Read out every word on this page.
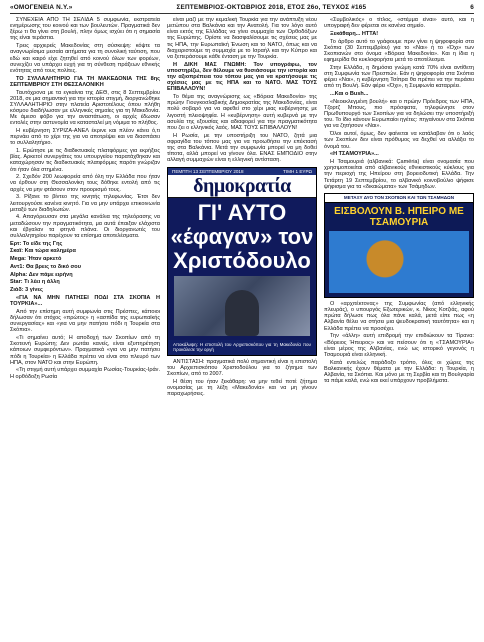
«ΟΜΟΓΕΝΕΙΑ Ν.Υ.»	ΣΕΠΤΕΜΒΡΙΟΣ-ΟΚΤΩΒΡΙΟΣ 2018, ΕΤΟΣ 26ο, ΤΕΥΧΟΣ #165	6

ΣΥΝΕΧΕΙΑ ΑΠΟ ΤΗ ΣΕΛΙΔΑ 5 συμφωνία, εκστρατεία ενημέρωσης του κοινού και των βουλευτών. Πραγματικά δεν ξέρω τι θα γίνει στη βουλή, πλην όμως ισχύει ότι η σημασία της είναι τεράστια.

Τρεις αρχιερείς Μακεδονίας στη σύσκεψη: κόψτε τα αναγνωρίσιμα μεσαία αιτήματα για τη συνολική ταύτιση, που εδώ και καιρό είχε ζητηθεί από κοινού όλων των φορέων, συνεχίζει να υπάρχει ευχή για τη σύνθεση πράξεων εθνικής ενότητας από τους πολίτες.

ΤΟ ΣΥΛΛΑΛΗΤΗΡΙΟ ΓΙΑ ΤΗ ΜΑΚΕΔΟΝΙΑ ΤΗΣ 8ης ΣΕΠΤΕΜΒΡΙΟΥ ΣΤΗ ΘΕΣΣΑΛΟΝΙΚΗ

Ταυτόχρονα με τα εγκαίνια της ΔΕΘ, στις 8 Σεπτεμβρίου 2018, σε μια σημαντική για την ιστορία στιγμή, διοργανώθηκε ΣΥΛΛΑΛΗΤΗΡΙΟ στην πλατεία Αριστοτέλους όπου πλήθη κόσμου διαδήλωσαν με ελληνικές σημαίες για τη Μακεδονία. Με άμεσο φόβο για την αναστάτωση, οι αρχές έδωσαν εντολές στην αστυνομία να κατασταλεί μη νόμιμα το πλήθος.

Η κυβέρνηση ΣΥΡΙΖΑ-ΑΝΕΛ έκρινε και πλέον κάνει ό,τι περνάει από το χέρι της για να αποτρέψει και να διασπάσει το συλλαλητήριο.

1. Ερώτησε με τις διαδικτυακές πλατφόρμες για εκρήξεις βίας. Αρκετοί συνεργάτες του υπουργείου παρατάχθηκαν και καταχώρησαν τις διαδικτυακές πλατφόρμες παρότι γνώριζαν ότι ήταν όλα στημένα.

2. Σχεδόν 200 λεωφορεία από όλη την Ελλάδα που ήταν να έρθουν στη Θεσσαλονίκη τους δόθηκε εντολή από τις αρχές να μην φτάσουν στον προορισμό τους.

3. Ρίξανε το βίντεο της κινητής τηλεφωνίας. Έτσι δεν λειτουργούσε κανένα κινητό. Για να μην υπάρχει επικοινωνία μεταξύ των διαδηλωτών.

4. Απαγόρευσαν στα μεγάλα κανάλια της τηλεόρασης να μεταδώσουν την πραγματικότητα, μα αυτά έπαιξαν ελάχιστα και έβγαλαν τα φτηνά πλάνα. Οι διοργανωτές του συλλαλητηρίου παρέχουν τα επίσημα αποτελέσματα.

Ερτ: Το είδε της Γης

Σκαϊ: Και τώρα καλημέρα

Mega: Ήταν αρκετό

Αντ1: Θα βρεις το δικό σου

Alpha: Δεν πάμε ειρήνη

Star: Τι λέει η άλλη

Ζιάδ: 3 γίνες

«ΓΙΑ ΝΑ ΜΗΝ ΠΑΤΗΣΕΙ ΠΟΔΙ ΣΤΑ ΣΚΟΠΙΑ Η ΤΟΥΡΚΙΑ»...

Από την επίσημη αυτή συμφωνία στις Πρέσπες, κάποιοι δήλωσαν ότι στόχος «πρώτος» η «ασπίδα της ευρωπαϊκής συνεργασίας» και «για να μην πατήσει πόδι η Τουρκία στα Σκόπια».

«Τι σημαίνει αυτό; Η αποδοχή των Σκοπίων από τη Σκοτεινή Ευρώπη; Δεν ρωτάει κανείς, είναι εξυπηρέτηση κάποιων συμφερόντων». Πραγματικά «για να μην πατήσει πόδι η Τουρκία» η Ελλάδα πρέπει να είναι στο πλευρό των ΗΠΑ, στον ΝΑΤΟ και στην Ευρώπη.

«Τη στιγμή αυτή υπάρχει συμμαχία Ρωσίας-Τουρκίας-Ιράν. Η ορθόδοξη Ρωσία

είναι μαζί με την κεμαλική Τουρκία για την ανάπτυξη νέου μετώπου στα Βαλκάνια και την Ανατολή. Για τον λόγο αυτό είναι εκτός της Ελλάδας να γίνει συμμαχία των Ορθοδόξων της Ευρώπης. Ορίστε να διασφαλίσουμε τις σχέσεις μας με τις ΗΠΑ, την Ευρωπαϊκή Ένωση και το ΝΑΤΟ, όπως και να διαχειριστούμε τη συμμαχία με το Ισραήλ και την Κύπρο και να ξεπεράσουμε κάθε ένταση με την Τουρκία.

Η ΔΙΚΗ ΜΑΣ ΓΝΩΜΗ: Τον υπογράφω, τον υποστηρίζω, δεν θέλουμε να θυσιάσουμε την ιστορία και την αξιοπρέπεια του τόπου μας για να κρατήσουμε τις σχέσεις μας με τις ΗΠΑ και το ΝΑΤΟ. ΜΑΣ ΤΟΥΣ ΕΠΙΒΑΛΛΟΥΝ!

Το θέμα της αναγνώρισης ως «Βόρεια Μακεδονία» της πρώην Γιουγκοσλαβικής Δημοκρατίας της Μακεδονίας, είναι πολύ σοβαρό για να αφεθεί στο χέρι μιας κυβέρνησης με λιγοστή πλειοψηφία. Η «κυβέρνηση» αυτή κυβερνά με την ασυλία της εξουσίας και αδιαφορεί για την πραγματικότητα που ζει ο ελληνικός λαός. ΜΑΣ ΤΟΥΣ ΕΠΙΒΑΛΛΟΥΝ!

Η Ρωσία, με την υποστήριξη του ΝΑΤΟ, ζητά μια σφραγίδα του τόπου μας για να προωθήσει την επέκτασή της στα Βαλκάνια. Μετά την συμφωνία μπορεί να μη δοθεί τίποτα, αλλά μπορεί να γίνουν όλα. ΕΝΑΣ ΕΜΠΟΔΙΟ στην αλλαγή συμμαχιών είναι η ελληνική αντίσταση.

ΠΕΜΠΤΗ 13 ΣΕΠΤΕΜΒΡΙΟΥ 2018	ΤΙΜΗ 1 ΕΥΡΩ
δημοκρατία
ΓΙ' ΑΥΤΟ «έφαγαν» τον Χριστόδουλο
Αποκάλυψη: Η επιστολή του Αρχιεπισκόπου για τη Μακεδονία που προκάλεσε την οργή

ΑΝΤΙΣΤΑΣΗ: πραγματικά πολύ σημαντική είναι η επιστολή του Αρχιεπισκόπου Χριστοδούλου για το ζήτημα των Σκοπίων, από το 2007.

Η θέση του ήταν ξεκάθαρη: να μην τεθεί ποτέ ζήτημα ονομασίας με τη λέξη «Μακεδονία» και να μη γίνουν παραχωρήσεις.

«Συμβολικός» ο τίτλος, «στέμμα είναι» αυτό, και η υπογραφή δεν φέρεται σε κανένα σημείο.

Ξεκάθαρη... ΗΤΤΑ!

Το άρθρο αυτό το γράφουμε πριν γίνει η ψηφοφορία στα Σκόπια (30 Σεπτεμβρίου) για το «Ναι» ή το «Όχι» των Σκοπιανών στο όνομα «Βόρεια Μακεδονία». Και η ίδια η εφημερίδα θα κυκλοφορήσει μετά το αποτέλεσμα.

Στην Ελλάδα, η δημόσια γνώμη κατά 70% είναι αντίθετη στη Συμφωνία των Πρεσπών. Εάν η ψηφοφορία στα Σκόπια φέρει «Ναι», η κυβέρνηση Τσίπρα θα πρέπει να την περάσει από τη Βουλή. Εάν φέρει «Όχι», η Συμφωνία καταρρέει.

...Και ο Bush...

«Νεοεκλεγμένη βουλή» και ο πρώην Πρόεδρος των ΗΠΑ, Τζορτζ Μπους, πιο πρόσφατα, τηλεφώνησε στον Πρωθυπουργό των Σκοπίων για να δηλώσει την υποστήριξή του. Το ίδιο κάνουν Ευρωπαίοι ηγέτες: πηγαίνουν στα Σκόπια για να ζητήσουν «Ναι».

Όλοι αυτοί, όμως, δεν φαίνεται να κατάλαβαν ότι ο λαός των Σκοπίων δεν είναι πρόθυμος να δεχθεί να αλλάξει το όνομά του.

«Η ΤΣΑΜΟΥΡΙΑ»...

Η Τσαμουριά (αλβανικά: Çamëria) είναι ονομασία που χρησιμοποιείται από αλβανικούς εθνικιστικούς κύκλους για την περιοχή της Ηπείρου στη βορειοδυτική Ελλάδα. Την Τετάρτη 19 Σεπτεμβρίου, το αλβανικό κοινοβούλιο ψήφισε ψήφισμα για τα «δικαιώματα» των Τσάμηδων.

ΜΕΤΑΞΥ ΔΥΟ ΤΟΝ ΣΚΟΠΙΩΝ ΚΑΙ ΤΩΝ ΤΣΑΜΗΔΩΝ
ΕΙΣΒΟΛΟΥΝ Β. ΗΠΕΙΡΟ ΜΕ ΤΣΑΜΟΥΡΙΑ

Ο «αρχιτέκτονας» της Συμφωνίας (από ελληνικής πλευράς), ο υπουργός Εξωτερικών, κ. Νίκος Κοτζιάς, αφού πρώτα δήλωσε πως όλα πάνε καλά, μετά είπε πως «η Αλβανία θέλει να στήσει μια ψευδοκρατική ταυτότητα» και η Ελλάδα πρέπει να προσέχει.

Την «άλλη» αυτή επιδρομή την επιδιώκουν τα Τίρανα: «Βόρειος Ήπειρος» και να πείσουν ότι η «ΤΣΑΜΟΥΡΙΑ» είναι μέρος της Αλβανίας, ενώ ως ιστορικό γεγονός η Τσαμουριά είναι ελληνική.

Κατά εντελώς παράδοξο τρόπο, όλες οι χώρες της Βαλκανικής έχουν θέματα με την Ελλάδα: η Τουρκία, η Αλβανία, τα Σκόπια. Και μόνο με τη Σερβία και τη Βουλγαρία τα πάμε καλά, ενώ και εκεί υπάρχουν προβλήματα.
